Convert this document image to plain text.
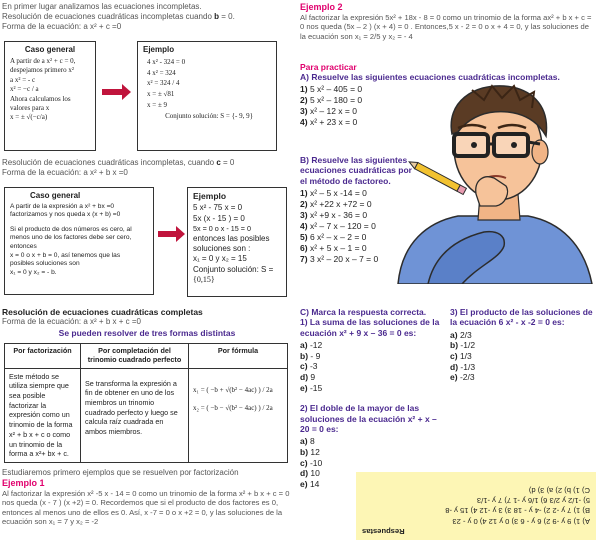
En primer lugar analizamos las ecuaciones incompletas.
Resolución de ecuaciones cuadráticas incompletas cuando b = 0.
Forma de la ecuación: a x² + c =0
Caso general
A partir de a x² + c = 0,
despejamos primero x²
a x² = - c
x² = −c / a
Ahora calculamos los
valores para x
x = ± √(−c/a)
Ejemplo
4 x² - 324 = 0
4 x² = 324
x² = 324 / 4
x = ± √81
x = ± 9
Conjunto solución: S = {- 9, 9}
Resolución de ecuaciones cuadráticas incompletas, cuando c = 0
Forma de la ecuación: a x² + b x =0
Caso general
A partir de la expresión a x² + bx =0
factorizamos y nos queda x (x + b) =0
Si el producto de dos números es cero, al
menos uno de los factores debe ser cero,
entonces
x = 0 o x + b = 0, así tenemos que las
posibles soluciones son
x₁ = 0 y x₂ = - b.
Ejemplo
5 x² - 75 x = 0
5x (x - 15 ) = 0
5x = 0 o x - 15 = 0
entonces las posibles
soluciones son :
x₁ = 0 y x₂ = 15
Conjunto solución: S =
{0,15}
Resolución de ecuaciones cuadráticas completas
Forma de la ecuación: a x² + b x + c =0
Se pueden resolver de tres formas distintas
Por factorización	Por completación del trinomio cuadrado perfecto	Por fórmula
Este método se utiliza siempre que sea posible factorizar la expresión como un trinomio de la forma x² + b x + c o como un trinomio de la forma a x²+ bx + c.	Se transforma la expresión a fin de obtener en uno de los miembros un trinomio cuadrado perfecto y luego se calcula raíz cuadrada en ambos miembros.	x₁ = ( −b + √(b² − 4ac) ) / 2a
x₂ = ( −b − √(b² − 4ac) ) / 2a
Estudiaremos primero ejemplos que se resuelven por factorización
Ejemplo 1
Al factorizar la expresión x² -5 x - 14 = 0 como un trinomio de la forma x² + b x + c = 0 nos queda (x - 7 ) (x +2) = 0. Recordemos que si el producto de dos factores es 0, entonces al menos uno de ellos es 0. Así, x -7 = 0 o x +2 = 0, y las soluciones de la ecuación son x₁ = 7 y x₂ = -2
Ejemplo 2
Al factorizar la expresión 5x² + 18x - 8 = 0 como un trinomio de la forma ax² + b x + c = 0 nos queda (5x – 2 ) (x + 4) = 0 . Entonces,5 x - 2 = 0 o x + 4 = 0, y las soluciones de la ecuación son x₁ = 2/5 y x₂ = - 4
Para practicar
A) Resuelve las siguientes ecuaciones cuadráticas incompletas.
1) 5 x² – 405 = 0
2) 5 x² – 180 = 0
3) x² – 12 x = 0
4) x² + 23 x = 0
B) Resuelve las siguientes ecuaciones cuadráticas por el método de factoreo.
1) x² – 5 x -14 = 0
2) x² +22 x +72 = 0
3) x² +9 x - 36 = 0
4) x² – 7 x – 120 = 0
5) 6 x² – x – 2 = 0
6) x² + 5 x – 1 = 0
7) 3 x² – 20 x – 7 = 0
C) Marca la respuesta correcta.
1) La suma de las soluciones de la ecuación x² + 9 x – 36 = 0 es:
a) -12
b) - 9
c) -3
d) 9
e) -15
2) El doble de la mayor de las soluciones de la ecuación x² + x – 20 = 0 es:
a) 8
b) 12
c) -10
d) 10
e) 14
3) El producto de las soluciones de la ecuación 6 x² - x -2 = 0 es:
a) 2/3
b) -1/2
c) 1/3
d) -1/3
e) -2/3
Respuestas
A) 1) 9 y -9 2) 6 y - 6 3) 0 y 12 4) 0 y - 23
B) 1) 7 y -2 2) -4 y - 18 3) 3 y -12 4) 15 y -8
5) -1/2 y 2/3 6) 1/6 y -1 7) 7 y -1/3
C) 1) b) 2) a) 3) d)
